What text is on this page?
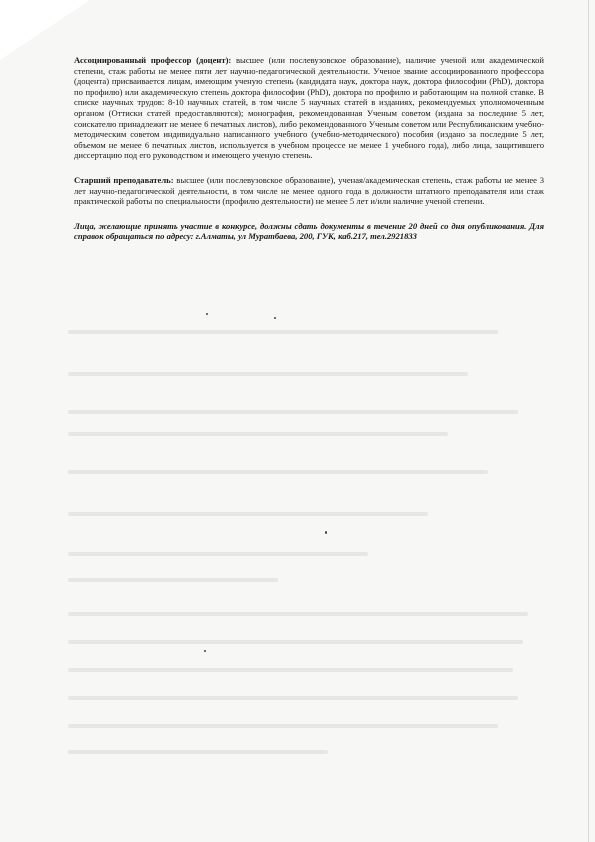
Ассоциированный профессор (доцент): высшее (или послевузовское образование), наличие ученой или академической степени, стаж работы не менее пяти лет научно-педагогической деятельности. Ученое звание ассоциированного профессора (доцента) присваивается лицам, имеющим ученую степень (кандидата наук, доктора наук, доктора философии (PhD), доктора по профилю) или академическую степень доктора философии (PhD), доктора по профилю и работающим на полной ставке. В списке научных трудов: 8-10 научных статей, в том числе 5 научных статей в изданиях, рекомендуемых уполномоченным органом (Оттиски статей предоставляются); монография, рекомендованная Ученым советом (издана за последние 5 лет, соискателю принадлежит не менее 6 печатных листов), либо рекомендованного Ученым советом или Республиканским учебно-методическим советом индивидуально написанного учебного (учебно-методического) пособия (издано за последние 5 лет, объемом не менее 6 печатных листов, используется в учебном процессе не менее 1 учебного года), либо лица, защитившего диссертацию под его руководством и имеющего ученую степень.

Старший преподаватель: высшее (или послевузовское образование), ученая/академическая степень, стаж работы не менее 3 лет научно-педагогической деятельности, в том числе не менее одного года в должности штатного преподавателя или стаж практической работы по специальности (профилю деятельности) не менее 5 лет и/или наличие ученой степени.

Лица, желающие принять участие в конкурсе, должны сдать документы в течение 20 дней со дня опубликования. Для справок обращаться по адресу: г.Алматы, ул Муратбаева, 200, ГУК, каб.217, тел.2921833
